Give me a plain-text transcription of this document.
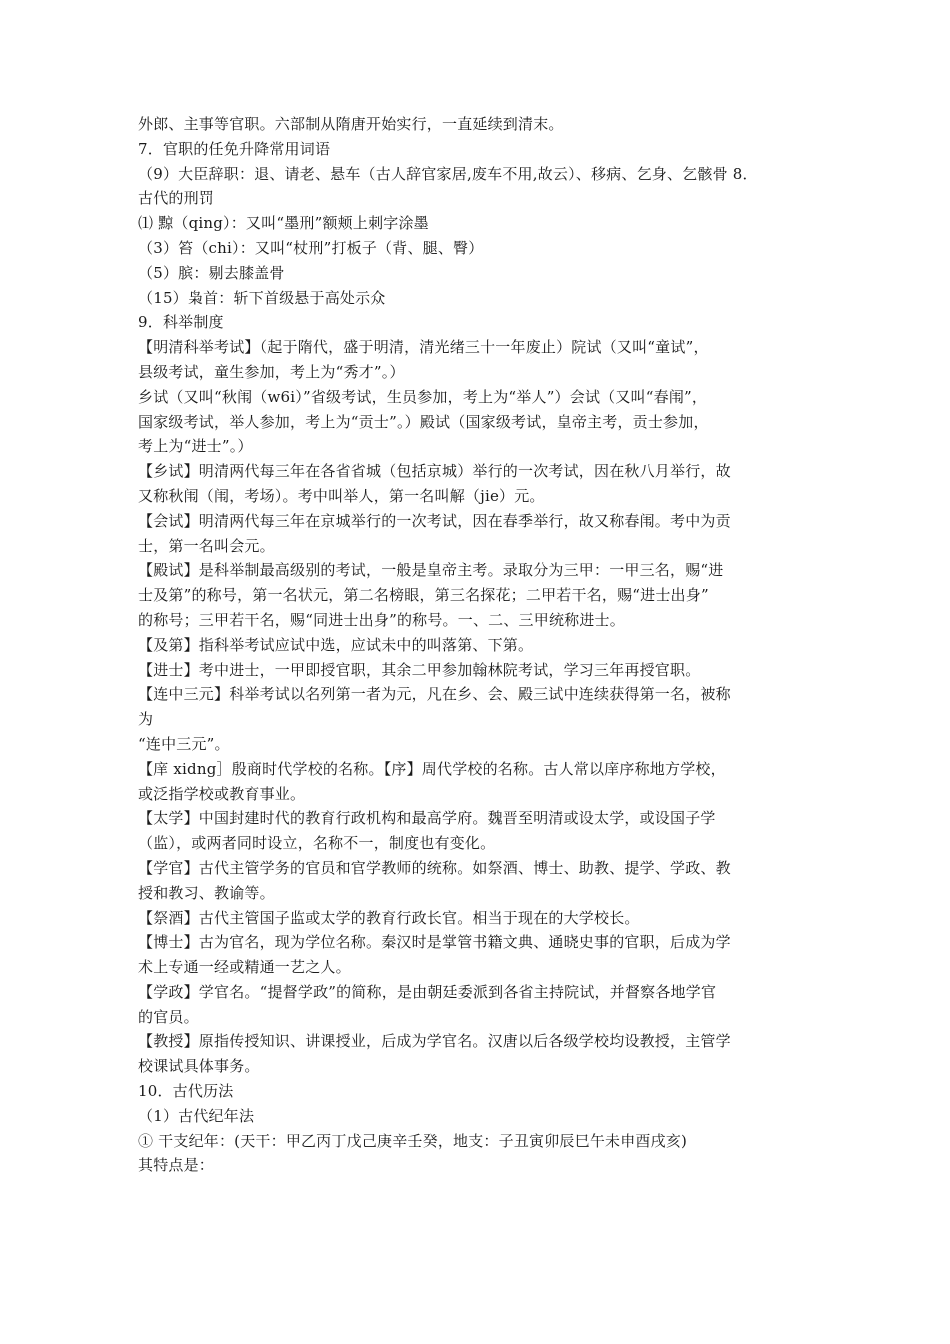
外郎、主事等官职。六部制从隋唐开始实行，一直延续到清末。
7．官职的任免升降常用词语
（9）大臣辞职：退、请老、悬车（古人辞官家居,废车不用,故云）、移病、乞身、乞骸骨 8．
古代的刑罚
⑴ 黥（qing）：又叫“墨刑”额颊上刺字涂墨
（3）笞（chi）：又叫“杖刑”打板子（背、腿、臀）
（5）膑：剔去膝盖骨
（15）枭首：斩下首级悬于高处示众
9．科举制度
【明清科举考试】（起于隋代，盛于明清，清光绪三十一年废止）院试（又叫“童试”，
县级考试，童生参加，考上为“秀才”。）
乡试（又叫“秋闱（w6i）”省级考试，生员参加，考上为“举人”）会试（又叫“春闱”，
国家级考试，举人参加，考上为“贡士”。）殿试（国家级考试，皇帝主考，贡士参加，
考上为“进士”。）
【乡试】明清两代每三年在各省省城（包括京城）举行的一次考试，因在秋八月举行，故
又称秋闱（闱，考场）。考中叫举人，第一名叫解（jie）元。
【会试】明清两代每三年在京城举行的一次考试，因在春季举行，故又称春闱。考中为贡
士，第一名叫会元。
【殿试】是科举制最高级别的考试，一般是皇帝主考。录取分为三甲：一甲三名，赐“进
士及第”的称号，第一名状元，第二名榜眼，第三名探花；二甲若干名，赐“进士出身”
的称号；三甲若干名，赐“同进士出身”的称号。一、二、三甲统称进士。
【及第】指科举考试应试中选，应试未中的叫落第、下第。
【进士】考中进士，一甲即授官职，其余二甲参加翰林院考试，学习三年再授官职。
【连中三元】科举考试以名列第一者为元，凡在乡、会、殿三试中连续获得第一名，被称
为
“连中三元”。
【庠 xidng］殷商时代学校的名称。【序】周代学校的名称。古人常以庠序称地方学校，
或泛指学校或教育事业。
【太学】中国封建时代的教育行政机构和最高学府。魏晋至明清或设太学，或设国子学
（监），或两者同时设立，名称不一，制度也有变化。
【学官】古代主管学务的官员和官学教师的统称。如祭酒、博士、助教、提学、学政、教
授和教习、教谕等。
【祭酒】古代主管国子监或太学的教育行政长官。相当于现在的大学校长。
【博士】古为官名，现为学位名称。秦汉时是掌管书籍文典、通晓史事的官职，后成为学
术上专通一经或精通一艺之人。
【学政】学官名。“提督学政”的简称，是由朝廷委派到各省主持院试，并督察各地学官
的官员。
【教授】原指传授知识、讲课授业，后成为学官名。汉唐以后各级学校均设教授，主管学
校课试具体事务。
10．古代历法
（1）古代纪年法
① 干支纪年：(天干：甲乙丙丁戊己庚辛壬癸，地支：子丑寅卯辰巳午未申酉戌亥)
其特点是：
